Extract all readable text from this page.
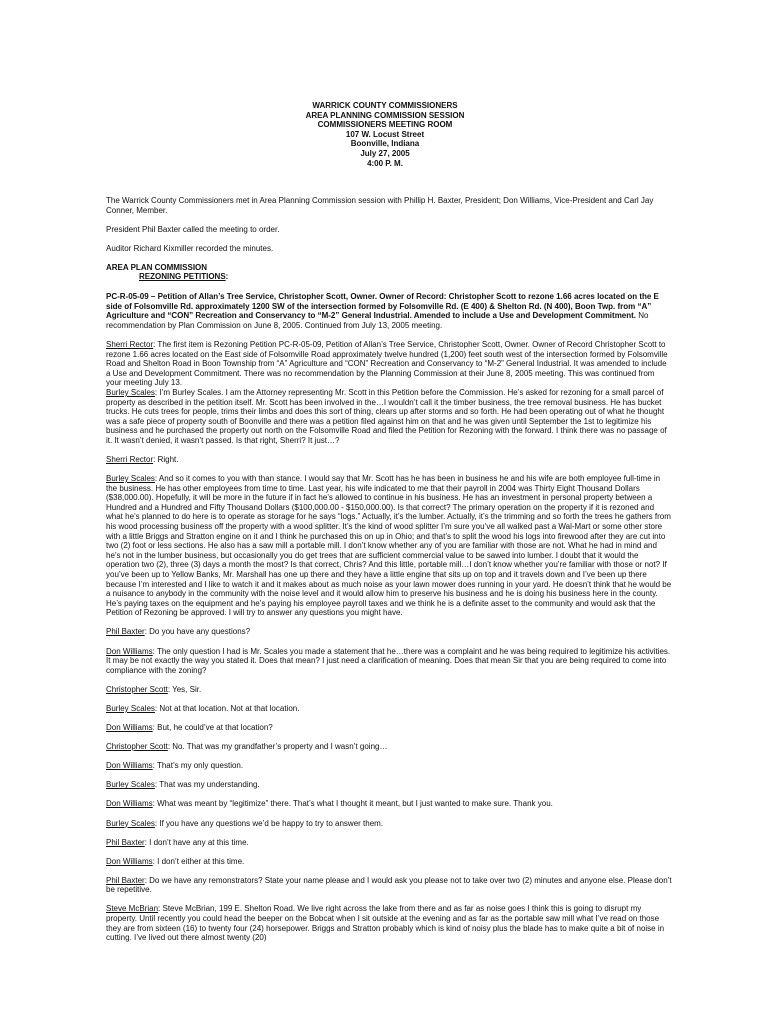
WARRICK COUNTY COMMISSIONERS
AREA PLANNING COMMISSION SESSION
COMMISSIONERS MEETING ROOM
107 W. Locust Street
Boonville, Indiana
July 27, 2005
4:00 P. M.

The Warrick County Commissioners met in Area Planning Commission session with Phillip H. Baxter, President; Don Williams, Vice-President and Carl Jay Conner, Member.

President Phil Baxter called the meeting to order.

Auditor Richard Kixmiller recorded the minutes.

AREA PLAN COMMISSION
REZONING PETITIONS:

PC-R-05-09 – Petition of Allan’s Tree Service, Christopher Scott, Owner. Owner of Record: Christopher Scott to rezone 1.66 acres located on the E side of Folsomville Rd. approximately 1200 SW of the intersection formed by Folsomville Rd. (E 400) & Shelton Rd. (N 400), Boon Twp. from “A” Agriculture and “CON” Recreation and Conservancy to “M-2” General Industrial. Amended to include a Use and Development Commitment. No recommendation by Plan Commission on June 8, 2005. Continued from July 13, 2005 meeting.

Sherri Rector: The first item is Rezoning Petition PC-R-05-09, Petition of Allan’s Tree Service, Christopher Scott, Owner. Owner of Record Christopher Scott to rezone 1.66 acres located on the East side of Folsomville Road approximately twelve hundred (1,200) feet south west of the intersection formed by Folsomville Road and Shelton Road in Boon Township from “A” Agriculture and “CON” Recreation and Conservancy to “M-2” General Industrial. It was amended to include a Use and Development Commitment. There was no recommendation by the Planning Commission at their June 8, 2005 meeting. This was continued from your meeting July 13.

Burley Scales: I’m Burley Scales. I am the Attorney representing Mr. Scott in this Petition before the Commission. He’s asked for rezoning for a small parcel of property as described in the petition itself. Mr. Scott has been involved in the…I wouldn’t call it the timber business, the tree removal business. He has bucket trucks. He cuts trees for people, trims their limbs and does this sort of thing, clears up after storms and so forth. He had been operating out of what he thought was a safe piece of property south of Boonville and there was a petition filed against him on that and he was given until September the 1st to legitimize his business and he purchased the property out north on the Folsomville Road and filed the Petition for Rezoning with the forward. I think there was no passage of it. It wasn’t denied, it wasn’t passed. Is that right, Sherri? It just…?

Sherri Rector: Right.

Burley Scales: And so it comes to you with than stance. I would say that Mr. Scott has he has been in business he and his wife are both employee full-time in the business. He has other employees from time to time. Last year, his wife indicated to me that their payroll in 2004 was Thirty Eight Thousand Dollars ($38,000.00). Hopefully, it will be more in the future if in fact he’s allowed to continue in his business. He has an investment in personal property between a Hundred and a Hundred and Fifty Thousand Dollars ($100,000.00 - $150,000.00). Is that correct? The primary operation on the property if it is rezoned and what he’s planned to do here is to operate as storage for he says “logs.” Actually, it’s the lumber. Actually, it’s the trimming and so forth the trees he gathers from his wood processing business off the property with a wood splitter. It’s the kind of wood splitter I’m sure you’ve all walked past a Wal-Mart or some other store with a little Briggs and Stratton engine on it and I think he purchased this on up in Ohio; and that’s to split the wood his logs into firewood after they are cut into two (2) foot or less sections. He also has a saw mill a portable mill. I don’t know whether any of you are familiar with those are not. What he had in mind and he’s not in the lumber business, but occasionally you do get trees that are sufficient commercial value to be sawed into lumber. I doubt that it would the operation two (2), three (3) days a month the most? Is that correct, Chris? And this little, portable mill…I don’t know whether you’re familiar with those or not? If you’ve been up to Yellow Banks, Mr. Marshall has one up there and they have a little engine that sits up on top and it travels down and I’ve been up there because I’m interested and I like to watch it and it makes about as much noise as your lawn mower does running in your yard. He doesn’t think that he would be a nuisance to anybody in the community with the noise level and it would allow him to preserve his business and he is doing his business here in the county. He’s paying taxes on the equipment and he’s paying his employee payroll taxes and we think he is a definite asset to the community and would ask that the Petition of Rezoning be approved. I will try to answer any questions you might have.

Phil Baxter: Do you have any questions?

Don Williams: The only question I had is Mr. Scales you made a statement that he…there was a complaint and he was being required to legitimize his activities. It may be not exactly the way you stated it. Does that mean? I just need a clarification of meaning. Does that mean Sir that you are being required to come into compliance with the zoning?

Christopher Scott: Yes, Sir.

Burley Scales: Not at that location. Not at that location.

Don Williams: But, he could’ve at that location?

Christopher Scott: No. That was my grandfather’s property and I wasn’t going…

Don Williams: That’s my only question.

Burley Scales: That was my understanding.

Don Williams: What was meant by “legitimize” there. That’s what I thought it meant, but I just wanted to make sure. Thank you.

Burley Scales: If you have any questions we’d be happy to try to answer them.

Phil Baxter: I don’t have any at this time.

Don Williams: I don’t either at this time.

Phil Baxter: Do we have any remonstrators? State your name please and I would ask you please not to take over two (2) minutes and anyone else. Please don’t be repetitive.

Steve McBrian: Steve McBrian, 199 E. Shelton Road. We live right across the lake from there and as far as noise goes I think this is going to disrupt my property. Until recently you could head the beeper on the Bobcat when I sit outside at the evening and as far as the portable saw mill what I’ve read on those they are from sixteen (16) to twenty four (24) horsepower. Briggs and Stratton probably which is kind of noisy plus the blade has to make quite a bit of noise in cutting. I’ve lived out there almost twenty (20)
